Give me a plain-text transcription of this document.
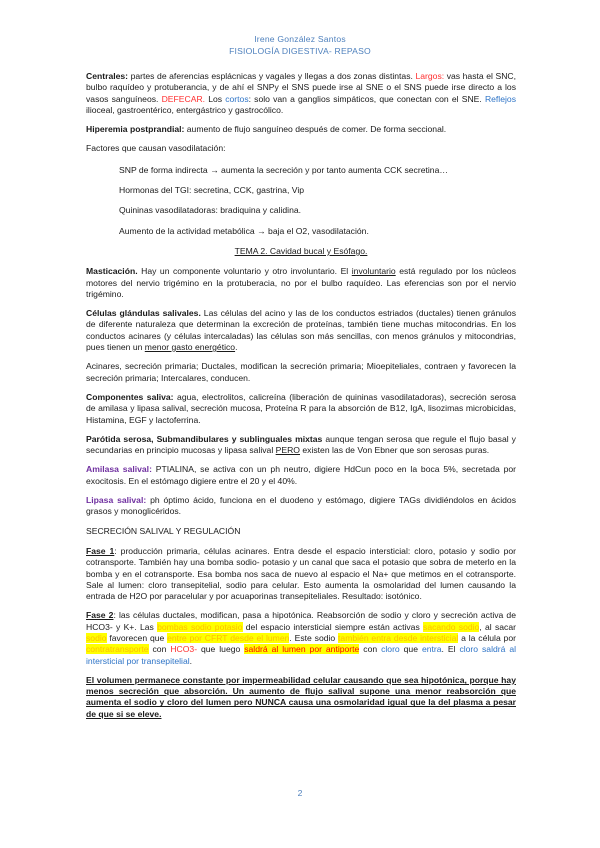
Irene González Santos
FISIOLOGÍA DIGESTIVA- REPASO

Centrales: partes de aferencias esplácnicas y vagales y llegas a dos zonas distintas. Largos: vas hasta el SNC, bulbo raquídeo y protuberancia, y de ahí el SNPy el SNS puede irse al SNE o el SNS puede irse directo a los vasos sanguíneos. DEFECAR. Los cortos: solo van a ganglios simpáticos, que conectan con el SNE. Reflejos ilioceal, gastroentérico, entergástrico y gastrocólico.

Hiperemia postprandial: aumento de flujo sanguíneo después de comer. De forma seccional.

Factores que causan vasodilatación:

SNP de forma indirecta → aumenta la secreción y por tanto aumenta CCK secretina…

Hormonas del TGI: secretina, CCK, gastrina, Vip

Quininas vasodilatadoras: bradiquina y calidina.

Aumento de la actividad metabólica → baja el O2, vasodilatación.

TEMA 2. Cavidad bucal y Esófago.

Masticación. Hay un componente voluntario y otro involuntario. El involuntario está regulado por los núcleos motores del nervio trigémino en la protuberacia, no por el bulbo raquídeo. Las eferencias son por el nervio trigémino.

Células glándulas salivales. Las células del acino y las de los conductos estriados (ductales) tienen gránulos de diferente naturaleza que determinan la excreción de proteínas, también tiene muchas mitocondrias. En los conductos acinares (y células intercaladas) las células son más sencillas, con menos gránulos y mitocondrias, pues tienen un menor gasto energético.

Acinares, secreción primaria; Ductales, modifican la secreción primaria; Mioepiteliales, contraen y favorecen la secreción primaria; Intercalares, conducen.

Componentes saliva: agua, electrolitos, calicreína (liberación de quininas vasodilatadoras), secreción serosa de amilasa y lipasa salival, secreción mucosa, Proteína R para la absorción de B12, IgA, lisozimas microbicidas, Histamina, EGF y lactoferrina.

Parótida serosa, Submandibulares y sublinguales mixtas aunque tengan serosa que regule el flujo basal y secundarias en principio mucosas y lipasa salival PERO existen las de Von Ebner que son serosas puras.

Amilasa salival: PTIALINA, se activa con un ph neutro, digiere HdCun poco en la boca 5%, secretada por exocitosis. En el estómago digiere entre el 20 y el 40%.

Lipasa salival: ph óptimo ácido, funciona en el duodeno y estómago, digiere TAGs dividiéndolos en ácidos grasos y monoglicéridos.

SECRECIÓN SALIVAL Y REGULACIÓN

Fase 1: producción primaria, células acinares. Entra desde el espacio intersticial: cloro, potasio y sodio por cotransporte. También hay una bomba sodio- potasio y un canal que saca el potasio que sobra de meterlo en la bomba y en el cotransporte. Esa bomba nos saca de nuevo al espacio el Na+ que metimos en el cotransporte. Sale al lumen: cloro transepitelial, sodio para celular. Esto aumenta la osmolaridad del lumen causando la entrada de H2O por paracelular y por acuaporinas transepiteliales. Resultado: isotónico.

Fase 2: las células ductales, modifican, pasa a hipotónica. Reabsorción de sodio y cloro y secreción activa de HCO3- y K+. Las bombas sodio potasio del espacio intersticial siempre están activas sacando sodio, al sacar sodio favorecen que entre por CFRT desde el lumen. Este sodio también entra desde intersticial a la célula por contratransporte con HCO3- que luego saldrá al lumen por antiporte con cloro que entra. El cloro saldrá al intersticial por transepitelial.

El volumen permanece constante por impermeabilidad celular causando que sea hipotónica, porque hay menos secreción que absorción. Un aumento de flujo salival supone una menor reabsorción que aumenta el sodio y cloro del lumen pero NUNCA causa una osmolaridad igual que la del plasma a pesar de que si se eleve.

2
